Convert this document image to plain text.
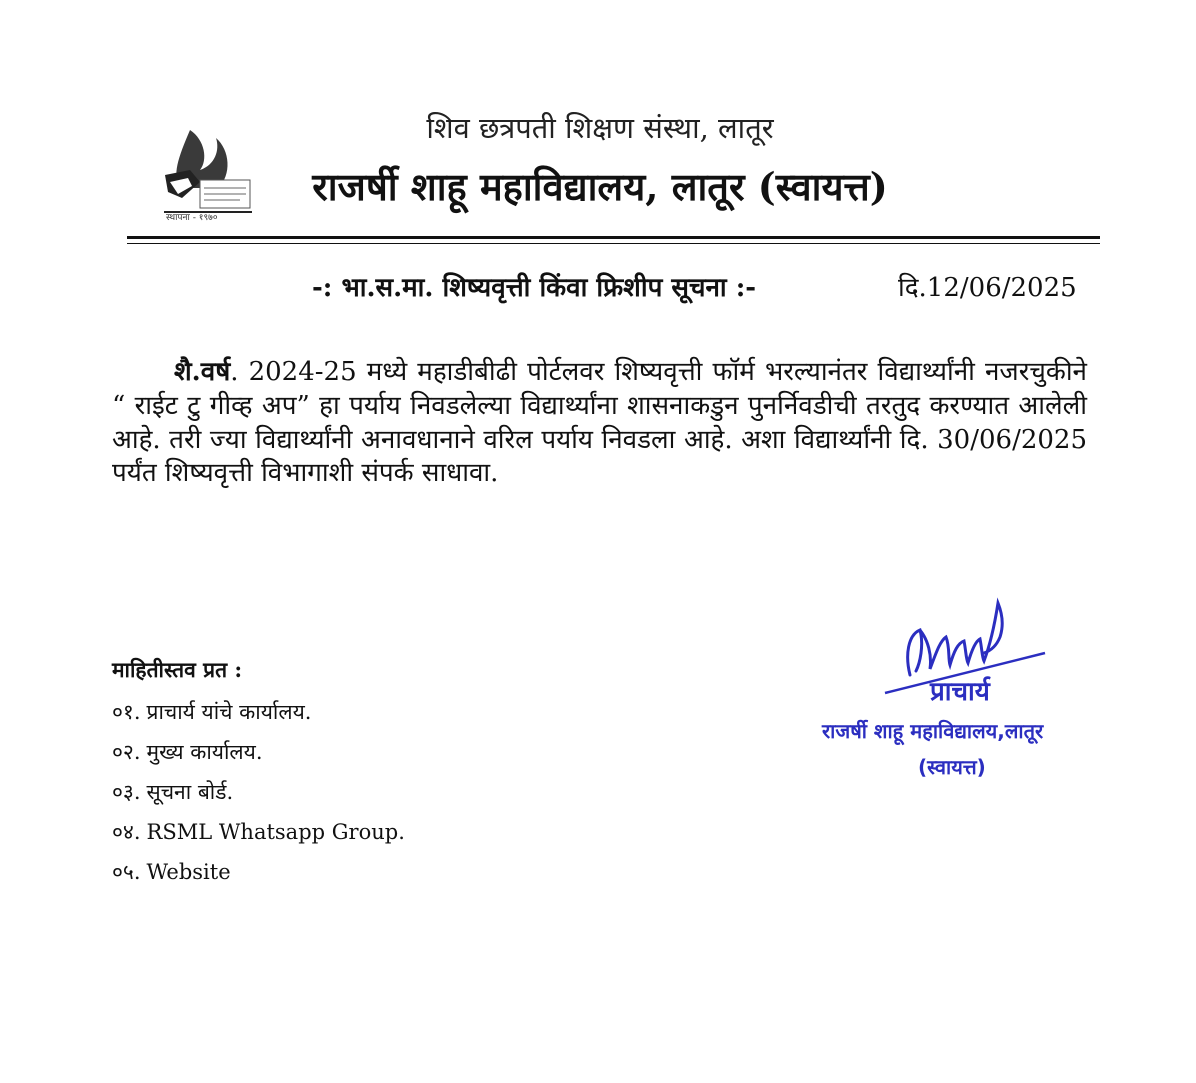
स्थापना - १९७०
शिव छत्रपती शिक्षण संस्था, लातूर
राजर्षी शाहू महाविद्यालय, लातूर (स्वायत्त)
-: भा.स.मा. शिष्यवृत्ती किंवा फ्रिशीप सूचना :-	दि.12/06/2025
शै.वर्ष. 2024-25 मध्ये महाडीबीढी पोर्टलवर शिष्यवृत्ती फॉर्म भरल्यानंतर विद्यार्थ्यांनी नजरचुकीने “ राईट टु गीव्ह अप” हा पर्याय निवडलेल्या विद्यार्थ्यांना शासनाकडुन पुनर्निवडीची तरतुद करण्यात आलेली आहे. तरी ज्या विद्यार्थ्यांनी अनावधानाने वरिल पर्याय निवडला आहे. अशा विद्यार्थ्यांनी दि. 30/06/2025 पर्यंत शिष्यवृत्ती विभागाशी संपर्क साधावा.
माहितीस्तव प्रत :
०१. प्राचार्य यांचे कार्यालय.
०२. मुख्य कार्यालय.
०३. सूचना बोर्ड.
०४. RSML Whatsapp Group.
०५. Website
प्राचार्य
राजर्षी शाहू महाविद्यालय,लातूर
(स्वायत्त)
